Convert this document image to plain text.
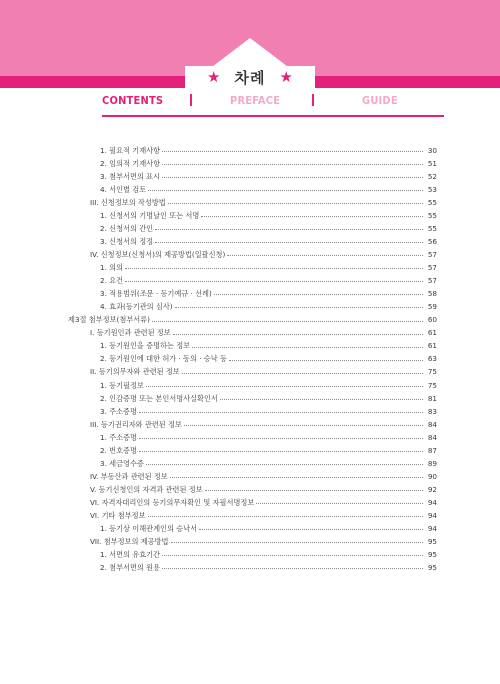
★ 차례 ★
CONTENTS	PREFACE	GUIDE
1. 필요적 기재사항	30
2. 임의적 기재사항	51
3. 첨부서면의 표시	52
4. 서인별 검토	53
III. 신청정보의 작성방법	55
1. 신청서의 기명날인 또는 서명	55
2. 신청서의 간인	55
3. 신청서의 정정	56
IV. 신청정보(신청서)의 제공방법(일괄신청)	57
1. 의의	57
2. 요건	57
3. 적용범위(조문 · 등기예규 · 선례)	58
4. 효과(등기관의 심사)	59
제3절 첨부정보(첨부서류)	60
I. 등기원인과 관련된 정보	61
1. 등기원인을 증명하는 정보	61
2. 등기원인에 대한 허가 · 동의 · 승낙 등	63
II. 등기의무자와 관련된 정보	75
1. 등기필정보	75
2. 인감증명 또는 본인서명사실확인서	81
3. 주소증명	83
III. 등기권리자와 관련된 정보	84
1. 주소증명	84
2. 번호증명	87
3. 세금영수증	89
IV. 부동산과 관련된 정보	90
V. 등기신청인의 자격과 관련된 정보	92
VI. 자격자대리인의 등기의무자확인 및 자필서명정보	94
VI. 기타 첨부정보	94
1. 등기상 이해관계인의 승낙서	94
VII. 첨부정보의 제공방법	95
1. 서면의 유효기간	95
2. 첨부서면의 원용	95
